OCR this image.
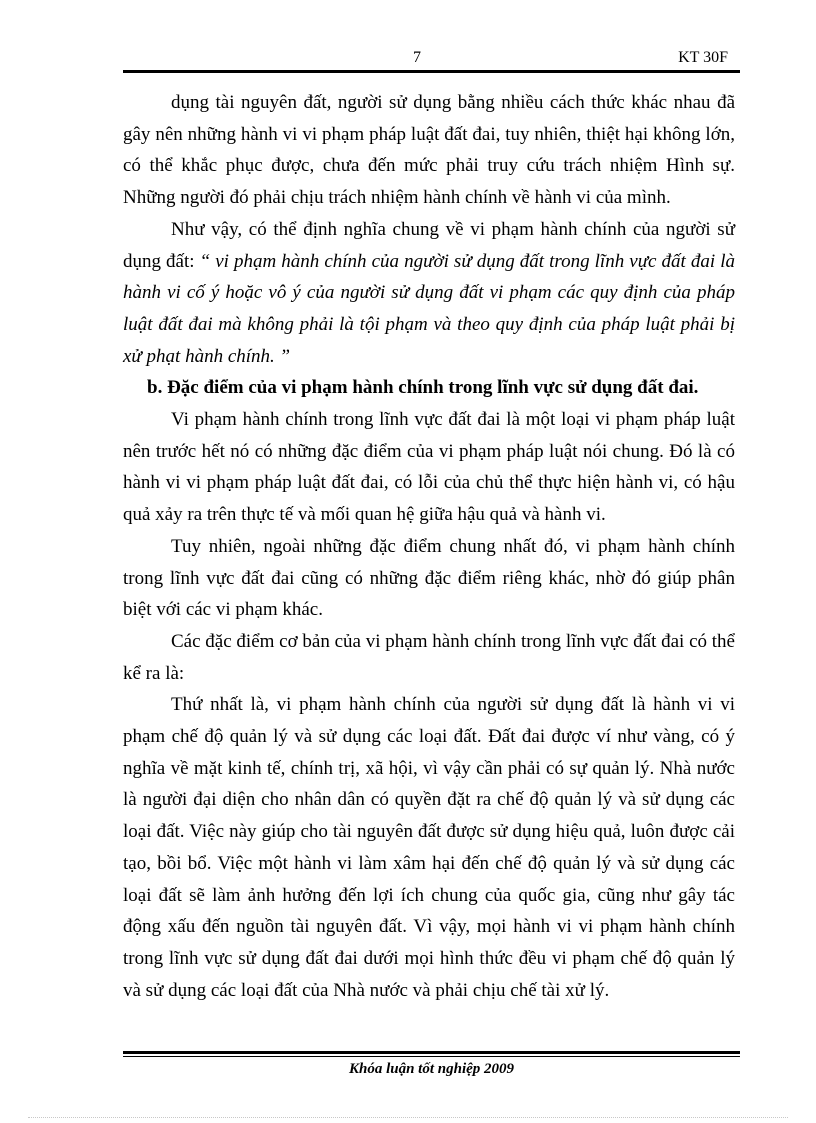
7	KT 30F

dụng tài nguyên đất, người sử dụng bằng nhiều cách thức khác nhau đã gây nên những hành vi vi phạm pháp luật đất đai, tuy nhiên, thiệt hại không lớn, có thể khắc phục được, chưa đến mức phải truy cứu trách nhiệm Hình sự. Những người đó phải chịu trách nhiệm hành chính về hành vi của mình.

Như vậy, có thể định nghĩa chung về vi phạm hành chính của người sử dụng đất: “ vi phạm hành chính của người sử dụng đất trong lĩnh vực đất đai là hành vi cố ý hoặc vô ý của người sử dụng đất vi phạm các quy định của pháp luật đất đai mà không phải là tội phạm và theo quy định của pháp luật phải bị xử phạt hành chính. ”

b. Đặc điểm của vi phạm hành chính trong lĩnh vực sử dụng đất đai.

Vi phạm hành chính trong lĩnh vực đất đai là một loại vi phạm pháp luật nên trước hết nó có những đặc điểm của vi phạm pháp luật nói chung. Đó là có hành vi vi phạm pháp luật đất đai, có lỗi của chủ thể thực hiện hành vi, có hậu quả xảy ra trên thực tế và mối quan hệ giữa hậu quả và hành vi.

Tuy nhiên, ngoài những đặc điểm chung nhất đó, vi phạm hành chính trong lĩnh vực đất đai cũng có những đặc điểm riêng khác, nhờ đó giúp phân biệt với các vi phạm khác.

Các đặc điểm cơ bản của vi phạm hành chính trong lĩnh vực đất đai có thể kể ra là:

Thứ nhất là, vi phạm hành chính của người sử dụng đất là hành vi vi phạm chế độ quản lý và sử dụng các loại đất. Đất đai được ví như vàng, có ý nghĩa về mặt kinh tế, chính trị, xã hội, vì vậy cần phải có sự quản lý. Nhà nước là người đại diện cho nhân dân có quyền đặt ra chế độ quản lý và sử dụng các loại đất. Việc này giúp cho tài nguyên đất được sử dụng hiệu quả, luôn được cải tạo, bồi bổ. Việc một hành vi làm xâm hại đến chế độ quản lý và sử dụng các loại đất sẽ làm ảnh hưởng đến lợi ích chung của quốc gia, cũng như gây tác động xấu đến nguồn tài nguyên đất. Vì vậy, mọi hành vi vi phạm hành chính trong lĩnh vực sử dụng đất đai dưới mọi hình thức đều vi phạm chế độ quản lý và sử dụng các loại đất của Nhà nước và phải chịu chế tài xử lý.

Khóa luận tốt nghiệp 2009
